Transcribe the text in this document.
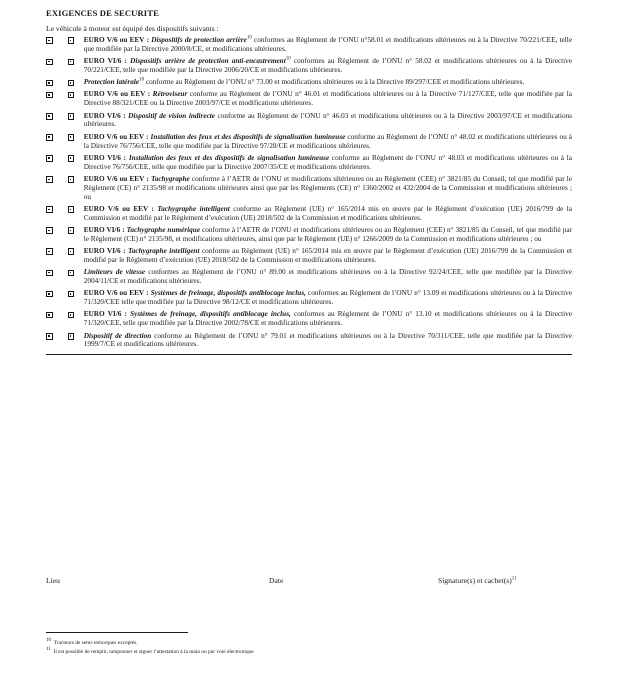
EXIGENCES DE SECURITE
Le véhicule à moteur est équipé des dispositifs suivants :
EURO V/6 ou EEV : Dispositifs de protection arrière$^{10}$ conformes au Règlement de l’ONU n°58.01 et modifications ultérieures ou à la Directive 70/221/CEE, telle que modifiée par la Directive 2000/8/CE, et modifications ultérieures.
EURO VI/6 : Dispositifs arrière de protection anti-encastrement$^{10}$ conformes au Règlement de l’ONU n° 58.02 et modifications ultérieures ou à la Directive 70/221/CEE, telle que modifiée par la Directive 2006/20/CE et modifications ultérieures.
Protection latérale$^{10}$ conforme au Règlement de l’ONU n° 73.00 et modifications ultérieures ou à la Directive 89/297/CEE et modifications ultérieures.
EURO V/6 ou EEV : Rétroviseur conforme au Règlement de l’ONU n° 46.01 et modifications ultérieures ou à la Directive 71/127/CEE, telle que modifiée par la Directive 88/321/CEE ou la Directive 2003/97/CE et modifications ultérieures.
EURO VI/6 : Dispositif de vision indirecte conforme au Règlement de l’ONU n° 46.03 et modifications ultérieures ou à la Directive 2003/97/CE et modifications ultérieures.
EURO V/6 ou EEV : Installation des feux et des dispositifs de signalisation lumineuse conforme au Règlement de l’ONU n° 48.02 et modifications ultérieures ou à la Directive 76/756/CEE, telle que modifiée par la Directive 97/28/CE et modifications ultérieures.
EURO VI/6 : Installation des feux et des dispositifs de signalisation lumineuse conforme au Règlement de l’ONU n° 48.03 et modifications ultérieures ou à la Directive 76/756/CEE, telle que modifiée par la Directive 2007/35/CE et modifications ultérieures.
EURO V/6 ou EEV : Tachygraphe conforme à l’AETR de l’ONU et modifications ultérieures ou au Règlement (CEE) n° 3821/85 du Conseil, tel que modifié par le Règlement (CE) n° 2135/98 et modifications ultérieures ainsi que par les Règlements (CE) n° 1360/2002 et 432/2004 de la Commission et modifications ultérieures ; ou
EURO V/6 ou EEV : Tachygraphe intelligent conforme au Règlement (UE) n° 165/2014 mis en œuvre par le Règlement d’exécution (UE) 2016/799 de la Commission et modifié par le Règlement d’exécution (UE) 2018/502 de la Commission et modifications ultérieures.
EURO VI/6 : Tachygraphe numérique conforme à l’AETR de l’ONU et modifications ultérieures ou au Règlement (CEE) n° 3821/85 du Conseil, tel que modifié par le Règlement (CE) n° 2135/98, et modifications ultérieures, ainsi que par le Règlement (UE) n° 1266/2009 de la Commission et modifications ultérieures ; ou
EURO VI/6 : Tachygraphe intelligent conforme au Règlement (UE) n° 165/2014 mis en œuvre par le Règlement d’exécution (UE) 2016/799 de la Commission et modifié par le Règlement d’exécution (UE) 2018/502 de la Commission et modifications ultérieures.
Limiteurs de vitesse conformes au Règlement de l’ONU n° 89.00 et modifications ultérieures ou à la Directive 92/24/CEE, telle que modifiée par la Directive 2004/11/CE et modifications ultérieures.
EURO V/6 ou EEV : Systèmes de freinage, dispositifs antiblocage inclus, conformes au Règlement de l’ONU n° 13.09 et modifications ultérieures ou à la Directive 71/320/CEE telle que modifiée par la Directive 98/12/CE et modifications ultérieures.
EURO VI/6 : Systèmes de freinage, dispositifs antiblocage inclus, conformes au Règlement de l’ONU n° 13.10 et modifications ultérieures ou à la Directive 71/320/CEE, telle que modifiée par la Directive 2002/78/CE et modifications ultérieures.
Dispositif de direction conforme au Règlement de l’ONU n° 79.01 et modifications ultérieures ou à la Directive 70/311/CEE, telle que modifiée par la Directive 1999/7/CE et modifications ultérieures.
Lieu	Date	Signature(s) et $cachet(s)^{11}$
$^{10}$ Tracteurs de semi-remorques exceptés.
$^{11}$ Il est possible de remplir, tamponner et signer l’attestation à la main ou par voie électronique
